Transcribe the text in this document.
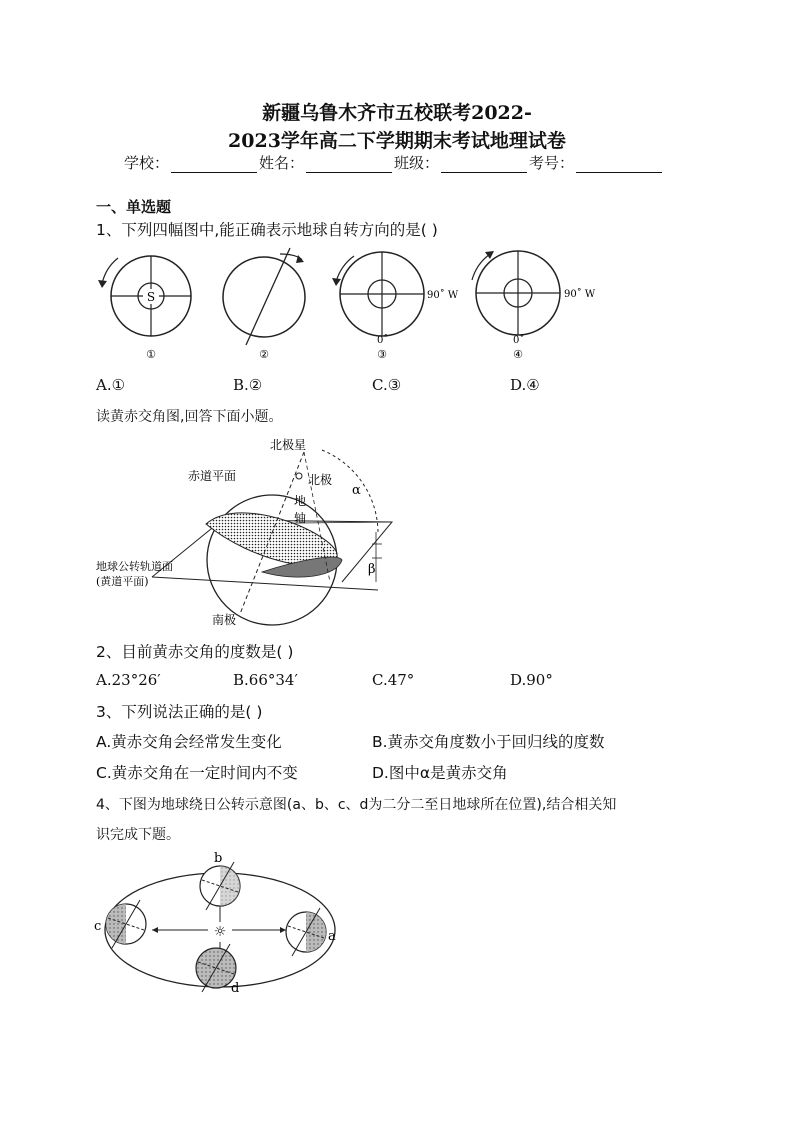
新疆乌鲁木齐市五校联考2022-
2023学年高二下学期期末考试地理试卷
学校：	姓名：	班级：	考号：
一、单选题
1、下列四幅图中,能正确表示地球自转方向的是( )
S
①	②
90˚ W
0˚
③
90˚ W
0˚
④
A.①	B.②	C.③	D.④
读黄赤交角图,回答下面小题。
北极星
北极
赤道平面
地
轴
地球公转轨道面
(黄道平面)
南极
α
β
2、目前黄赤交角的度数是( )
A.23°26′	B.66°34′	C.47°	D.90°
3、下列说法正确的是( )
A.黄赤交角会经常发生变化	B.黄赤交角度数小于回归线的度数
C.黄赤交角在一定时间内不变	D.图中α是黄赤交角
4、下图为地球绕日公转示意图(a、b、c、d为二分二至日地球所在位置),结合相关知
识完成下题。
☼
b
c
a
d
